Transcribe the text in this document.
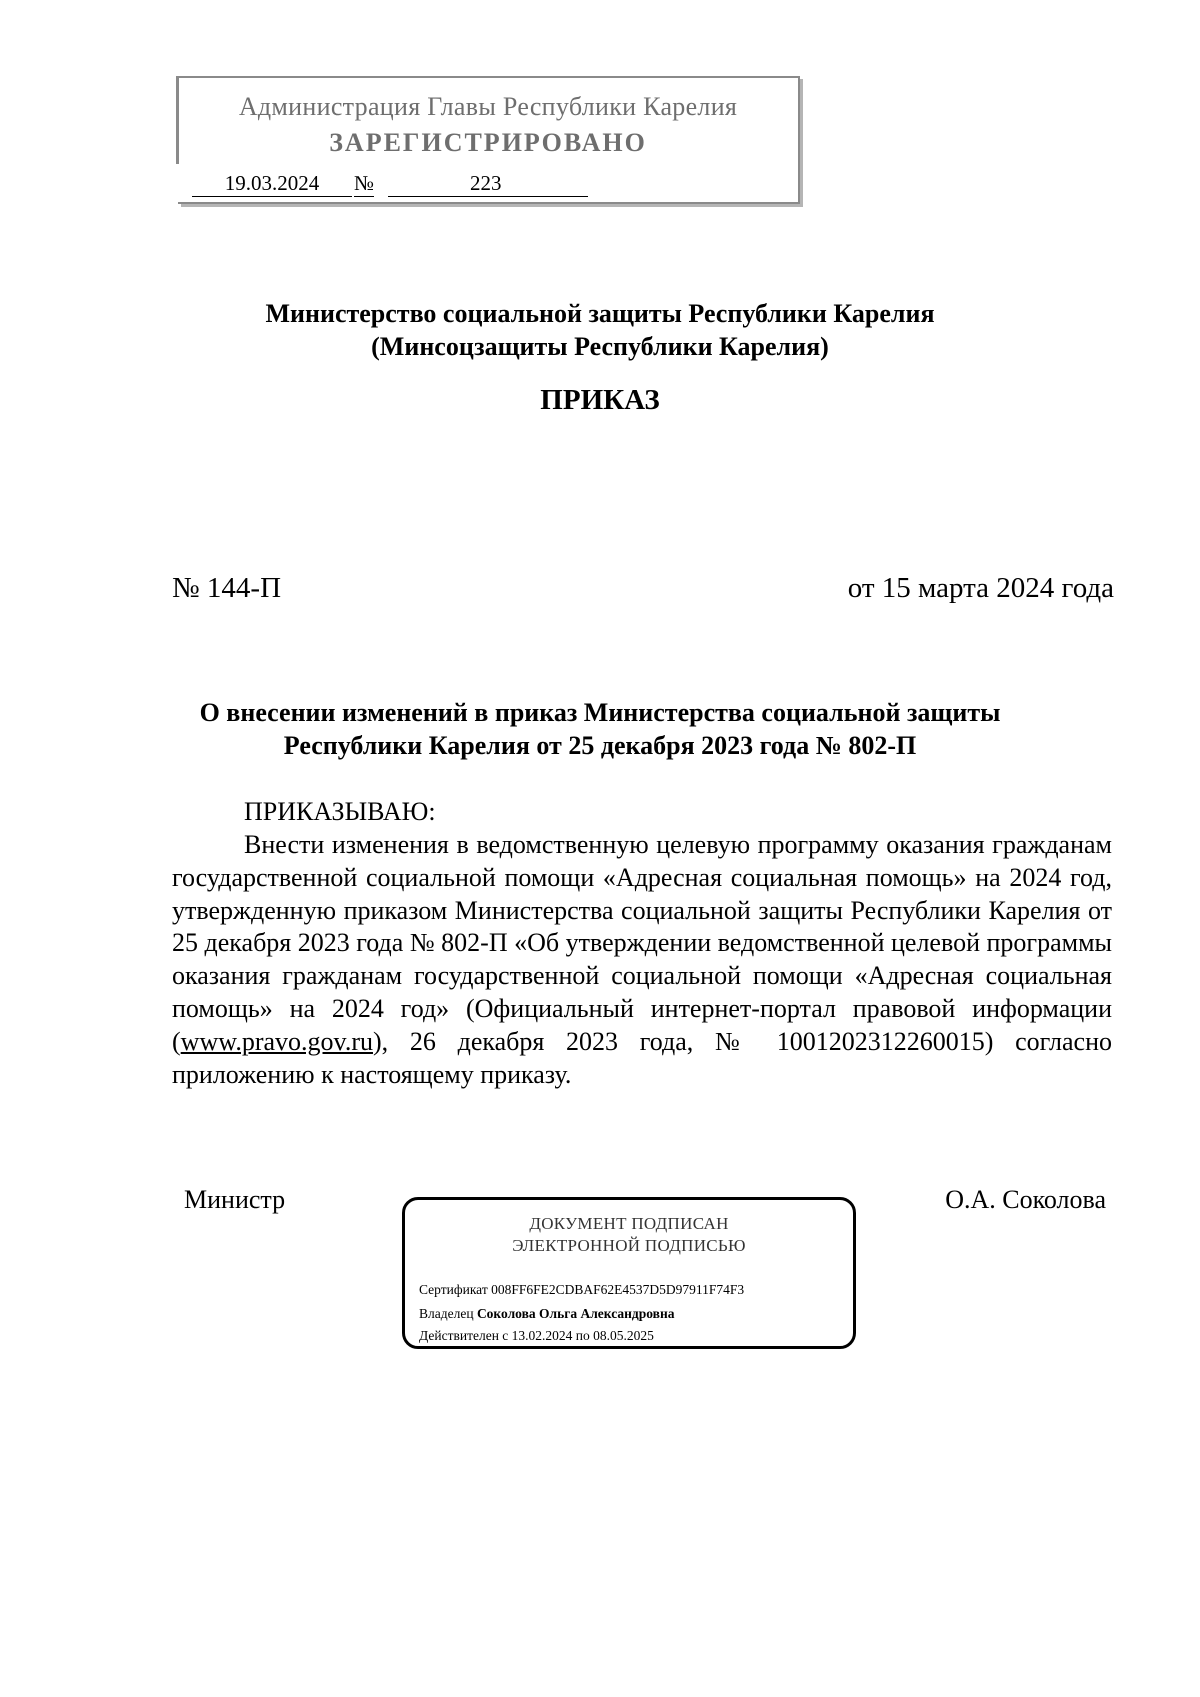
Администрация Главы Республики Карелия
ЗАРЕГИСТРИРОВАНО
19.03.2024	№	223
Министерство социальной защиты Республики Карелия
(Минсоцзащиты Республики Карелия)
ПРИКАЗ
№ 144-П	от 15 марта 2024 года
О внесении изменений в приказ Министерства социальной защиты
Республики Карелия от 25 декабря 2023 года № 802-П
ПРИКАЗЫВАЮ:

Внести изменения в ведомственную целевую программу оказания гражданам государственной социальной помощи «Адресная социальная помощь» на 2024 год, утвержденную приказом Министерства социальной защиты Республики Карелия от 25 декабря 2023 года № 802-П «Об утверждении ведомственной целевой программы оказания гражданам государственной социальной помощи «Адресная социальная помощь» на 2024 год» (Официальный интернет-портал правовой информации (www.pravo.gov.ru), 26 декабря 2023 года, № 1001202312260015) согласно приложению к настоящему приказу.

Министр	О.А. Соколова
ДОКУМЕНТ ПОДПИСАН
ЭЛЕКТРОННОЙ ПОДПИСЬЮ
Сертификат 008FF6FE2CDBAF62E4537D5D97911F74F3
Владелец Соколова Ольга Александровна
Действителен с 13.02.2024 по 08.05.2025
